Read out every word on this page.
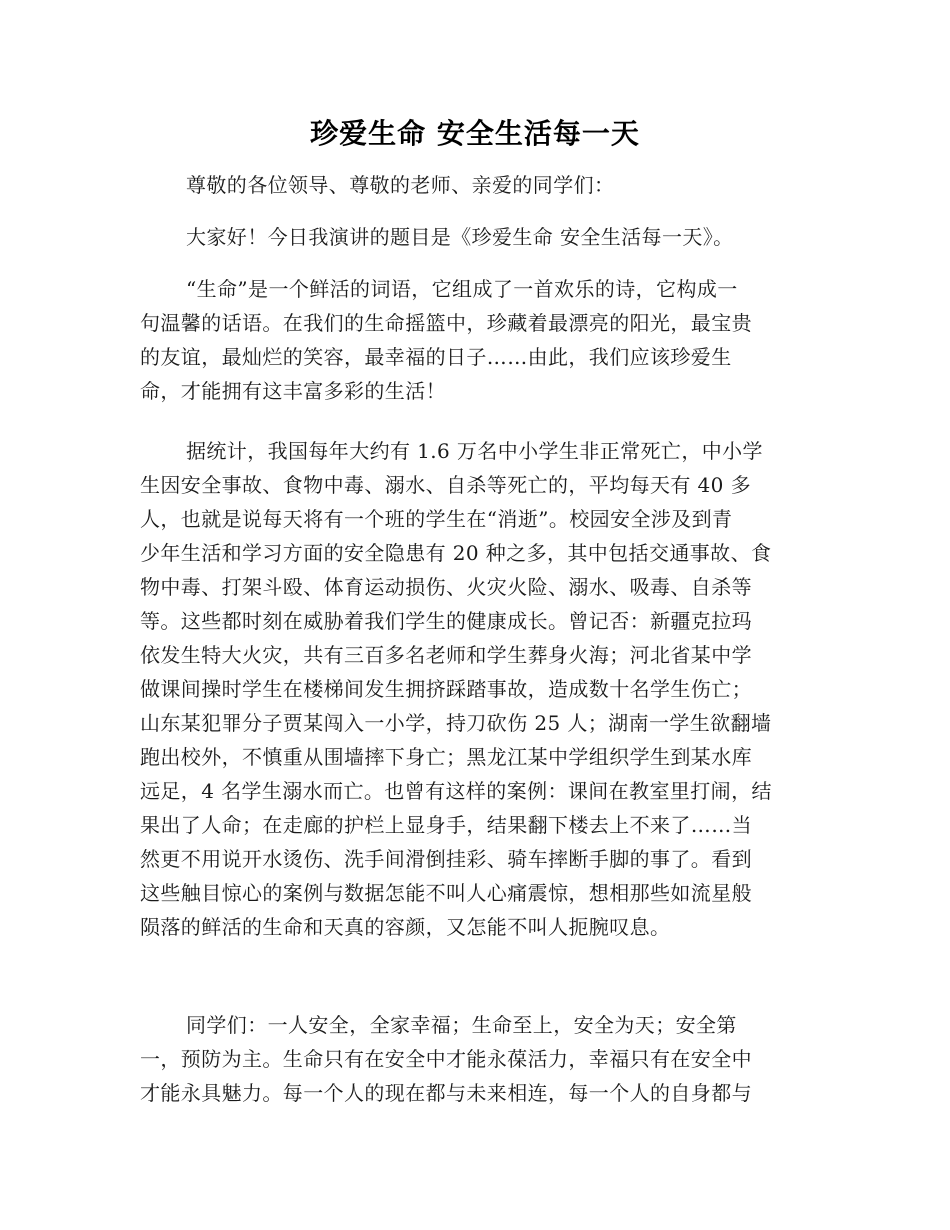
珍爱生命 安全生活每一天
尊敬的各位领导、尊敬的老师、亲爱的同学们：
大家好！今日我演讲的题目是《珍爱生命 安全生活每一天》。
“生命”是一个鲜活的词语，它组成了一首欢乐的诗，它构成一
句温馨的话语。在我们的生命摇篮中，珍藏着最漂亮的阳光，最宝贵
的友谊，最灿烂的笑容，最幸福的日子……由此，我们应该珍爱生
命，才能拥有这丰富多彩的生活！
据统计，我国每年大约有 1.6 万名中小学生非正常死亡，中小学
生因安全事故、食物中毒、溺水、自杀等死亡的，平均每天有 40 多
人，也就是说每天将有一个班的学生在“消逝”。校园安全涉及到青
少年生活和学习方面的安全隐患有 20 种之多，其中包括交通事故、食
物中毒、打架斗殴、体育运动损伤、火灾火险、溺水、吸毒、自杀等
等。这些都时刻在威胁着我们学生的健康成长。曾记否：新疆克拉玛
依发生特大火灾，共有三百多名老师和学生葬身火海；河北省某中学
做课间操时学生在楼梯间发生拥挤踩踏事故，造成数十名学生伤亡；
山东某犯罪分子贾某闯入一小学，持刀砍伤 25 人；湖南一学生欲翻墙
跑出校外，不慎重从围墙摔下身亡；黑龙江某中学组织学生到某水库
远足，4 名学生溺水而亡。也曾有这样的案例：课间在教室里打闹，结
果出了人命；在走廊的护栏上显身手，结果翻下楼去上不来了……当
然更不用说开水烫伤、洗手间滑倒挂彩、骑车摔断手脚的事了。看到
这些触目惊心的案例与数据怎能不叫人心痛震惊，想相那些如流星般
陨落的鲜活的生命和天真的容颜，又怎能不叫人扼腕叹息。
同学们：一人安全，全家幸福；生命至上，安全为天；安全第
一，预防为主。生命只有在安全中才能永葆活力，幸福只有在安全中
才能永具魅力。每一个人的现在都与未来相连，每一个人的自身都与
